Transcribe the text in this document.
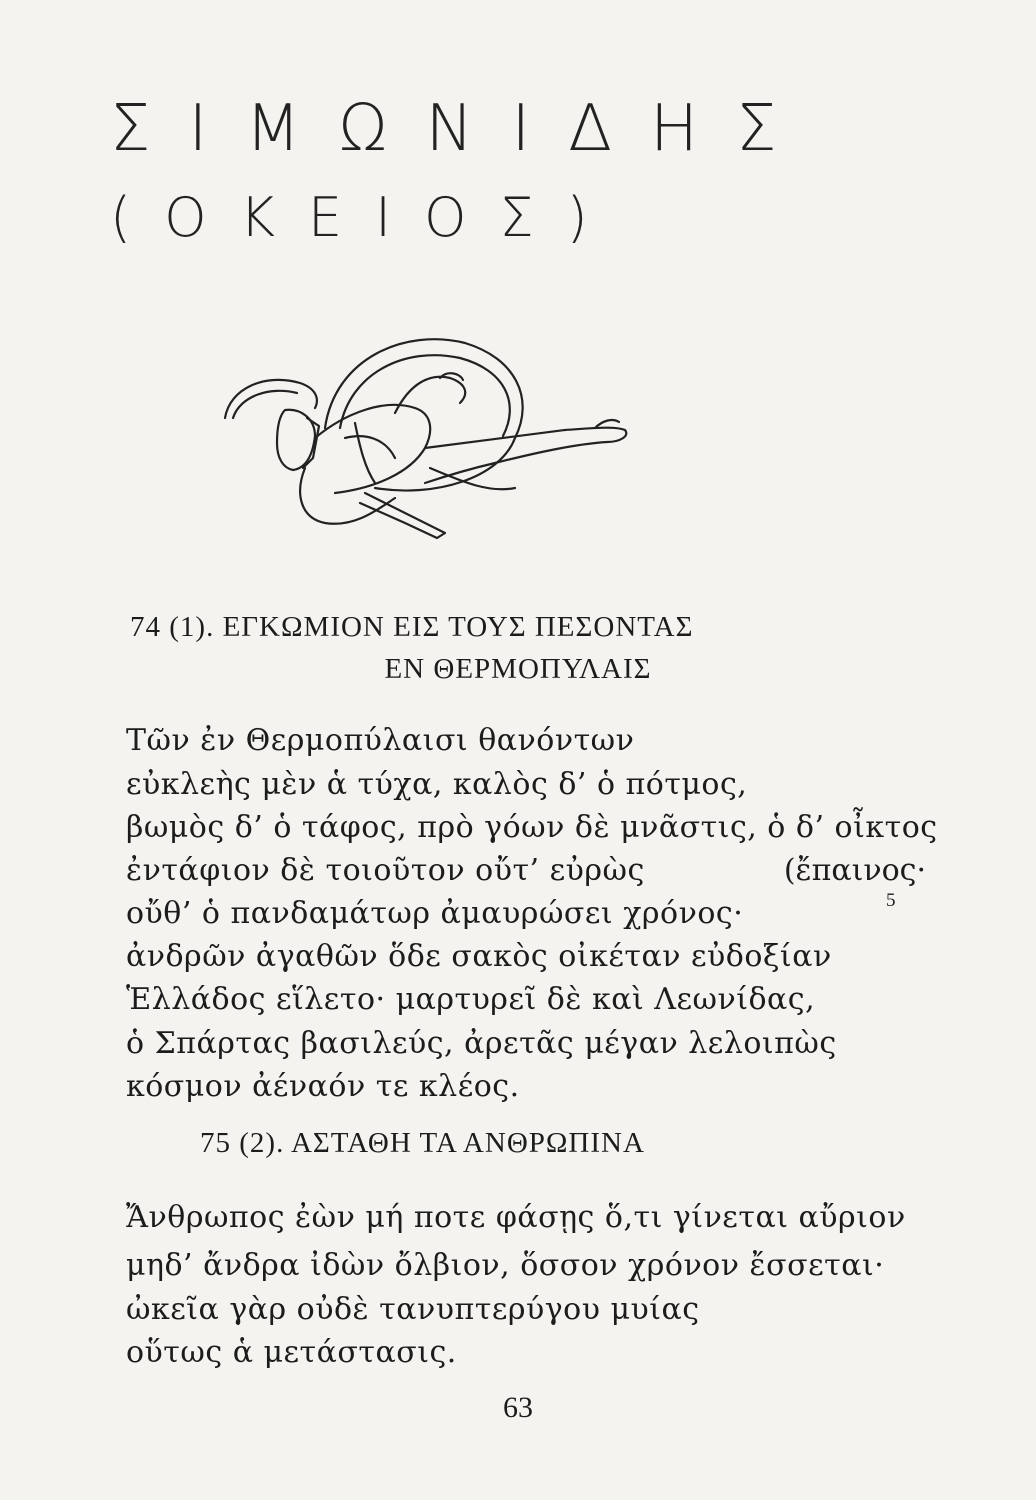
ΣΙΜΩΝΙΔΗΣ
(ΟΚΕΙΟΣ)
74 (1). ΕΓΚΩΜΙΟΝ ΕΙΣ ΤΟΥΣ ΠΕΣΟΝΤΑΣ
ΕΝ ΘΕΡΜΟΠΥΛΑΙΣ
Τῶν ἐν Θερμοπύλαισι θανόντων
εὐκλεὴς μὲν ἁ τύχα, καλὸς δ’ ὁ πότμος,
βωμὸς δ’ ὁ τάφος, πρὸ γόων δὲ μνᾶστις, ὁ δ’ οἶκτος
ἐντάφιον δὲ τοιοῦτον οὔτ’ εὐρὼς	(ἔπαινος·
οὔθ’ ὁ πανδαμάτωρ ἀμαυρώσει χρόνος·	5
ἀνδρῶν ἀγαθῶν ὅδε σακὸς οἰκέταν εὐδοξίαν
Ἑλλάδος εἵλετο· μαρτυρεῖ δὲ καὶ Λεωνίδας,
ὁ Σπάρτας βασιλεύς, ἀρετᾶς μέγαν λελοιπὼς
κόσμον ἀέναόν τε κλέος.
75 (2). ΑΣΤΑΘΗ ΤΑ ΑΝΘΡΩΠΙΝΑ
Ἄνθρωπος ἐὼν μή ποτε φάσῃς ὅ,τι γίνεται αὔριον
μηδ’ ἄνδρα ἰδὼν ὄλβιον, ὅσσον χρόνον ἔσσεται·
ὠκεῖα γὰρ οὐδὲ τανυπτερύγου μυίας
οὕτως ἁ μετάστασις.
63
